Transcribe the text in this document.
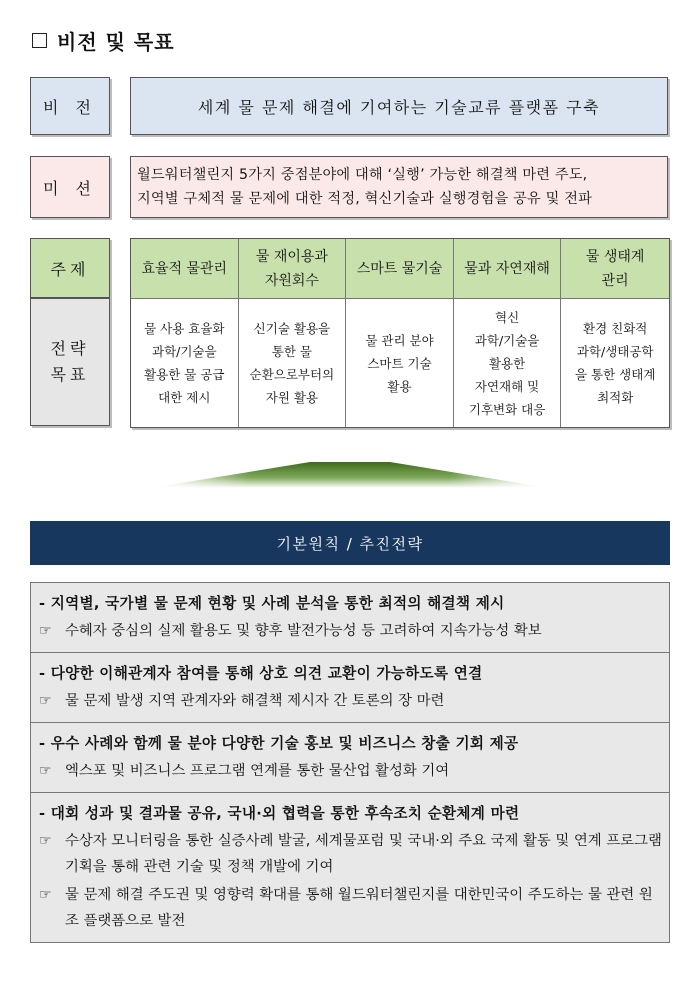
비전 및 목표
비 전	세계 물 문제 해결에 기여하는 기술교류 플랫폼 구축
미 션
월드워터챌린지 5가지 중점분야에 대해 ‘실행’ 가능한 해결책 마련 주도,
지역별 구체적 물 문제에 대한 적정, 혁신기술과 실행경험을 공유 및 전파
주제
전략
목표
효율적 물관리
물 재이용과
자원회수
스마트 물기술 물과 자연재해
물 생태계
관리
물 사용 효율화
과학/기술을
활용한 물 공급
대한 제시
신기술 활용을
통한 물
순환으로부터의
자원 활용
물 관리 분야
스마트 기술
활용
혁신
과학/기술을
활용한
자연재해 및
기후변화 대응
환경 친화적
과학/생태공학
을 통한 생태계
최적화
기본원칙 / 추진전략
- 지역별, 국가별 물 문제 현황 및 사례 분석을 통한 최적의 해결책 제시
☞ 수혜자 중심의 실제 활용도 및 향후 발전가능성 등 고려하여 지속가능성 확보
- 다양한 이해관계자 참여를 통해 상호 의견 교환이 가능하도록 연결
☞ 물 문제 발생 지역 관계자와 해결책 제시자 간 토론의 장 마련
- 우수 사례와 함께 물 분야 다양한 기술 홍보 및 비즈니스 창출 기회 제공
☞ 엑스포 및 비즈니스 프로그램 연계를 통한 물산업 활성화 기여
- 대회 성과 및 결과물 공유, 국내·외 협력을 통한 후속조치 순환체계 마련
☞ 수상자 모니터링을 통한 실증사례 발굴, 세계물포럼 및 국내·외 주요 국제 활동 및 연계 프로그램 기획을 통해 관련 기술 및 정책 개발에 기여
☞ 물 문제 해결 주도권 및 영향력 확대를 통해 월드워터챌린지를 대한민국이 주도하는 물 관련 원조 플랫폼으로 발전
